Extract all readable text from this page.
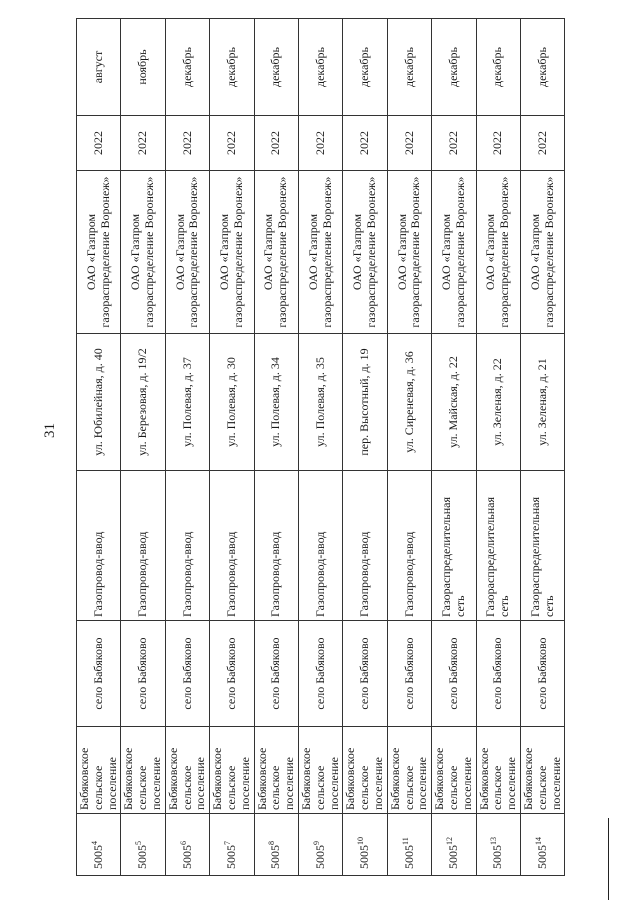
31
5005$^4$	Бабяковское сельское поселение	село Бабяково	Газопровод-ввод	ул. Юбилейная, д. 40	ОАО «Газпром газораспределение Воронеж»	2022	август
5005$^5$	Бабяковское сельское поселение	село Бабяково	Газопровод-ввод	ул. Березовая, д. 19/2	ОАО «Газпром газораспределение Воронеж»	2022	ноябрь
5005$^6$	Бабяковское сельское поселение	село Бабяково	Газопровод-ввод	ул. Полевая, д. 37	ОАО «Газпром газораспределение Воронеж»	2022	декабрь
5005$^7$	Бабяковское сельское поселение	село Бабяково	Газопровод-ввод	ул. Полевая, д. 30	ОАО «Газпром газораспределение Воронеж»	2022	декабрь
5005$^8$	Бабяковское сельское поселение	село Бабяково	Газопровод-ввод	ул. Полевая, д. 34	ОАО «Газпром газораспределение Воронеж»	2022	декабрь
5005$^9$	Бабяковское сельское поселение	село Бабяково	Газопровод-ввод	ул. Полевая, д. 35	ОАО «Газпром газораспределение Воронеж»	2022	декабрь
5005$^{10}$	Бабяковское сельское поселение	село Бабяково	Газопровод-ввод	пер. Высотный, д. 19	ОАО «Газпром газораспределение Воронеж»	2022	декабрь
5005$^{11}$	Бабяковское сельское поселение	село Бабяково	Газопровод-ввод	ул. Сиреневая, д. 36	ОАО «Газпром газораспределение Воронеж»	2022	декабрь
5005$^{12}$	Бабяковское сельское поселение	село Бабяково	Газораспределительная сеть	ул. Майская, д. 22	ОАО «Газпром газораспределение Воронеж»	2022	декабрь
5005$^{13}$	Бабяковское сельское поселение	село Бабяково	Газораспределительная сеть	ул. Зеленая, д. 22	ОАО «Газпром газораспределение Воронеж»	2022	декабрь
5005$^{14}$	Бабяковское сельское поселение	село Бабяково	Газораспределительная сеть	ул. Зеленая, д. 21	ОАО «Газпром газораспределение Воронеж»	2022	декабрь
